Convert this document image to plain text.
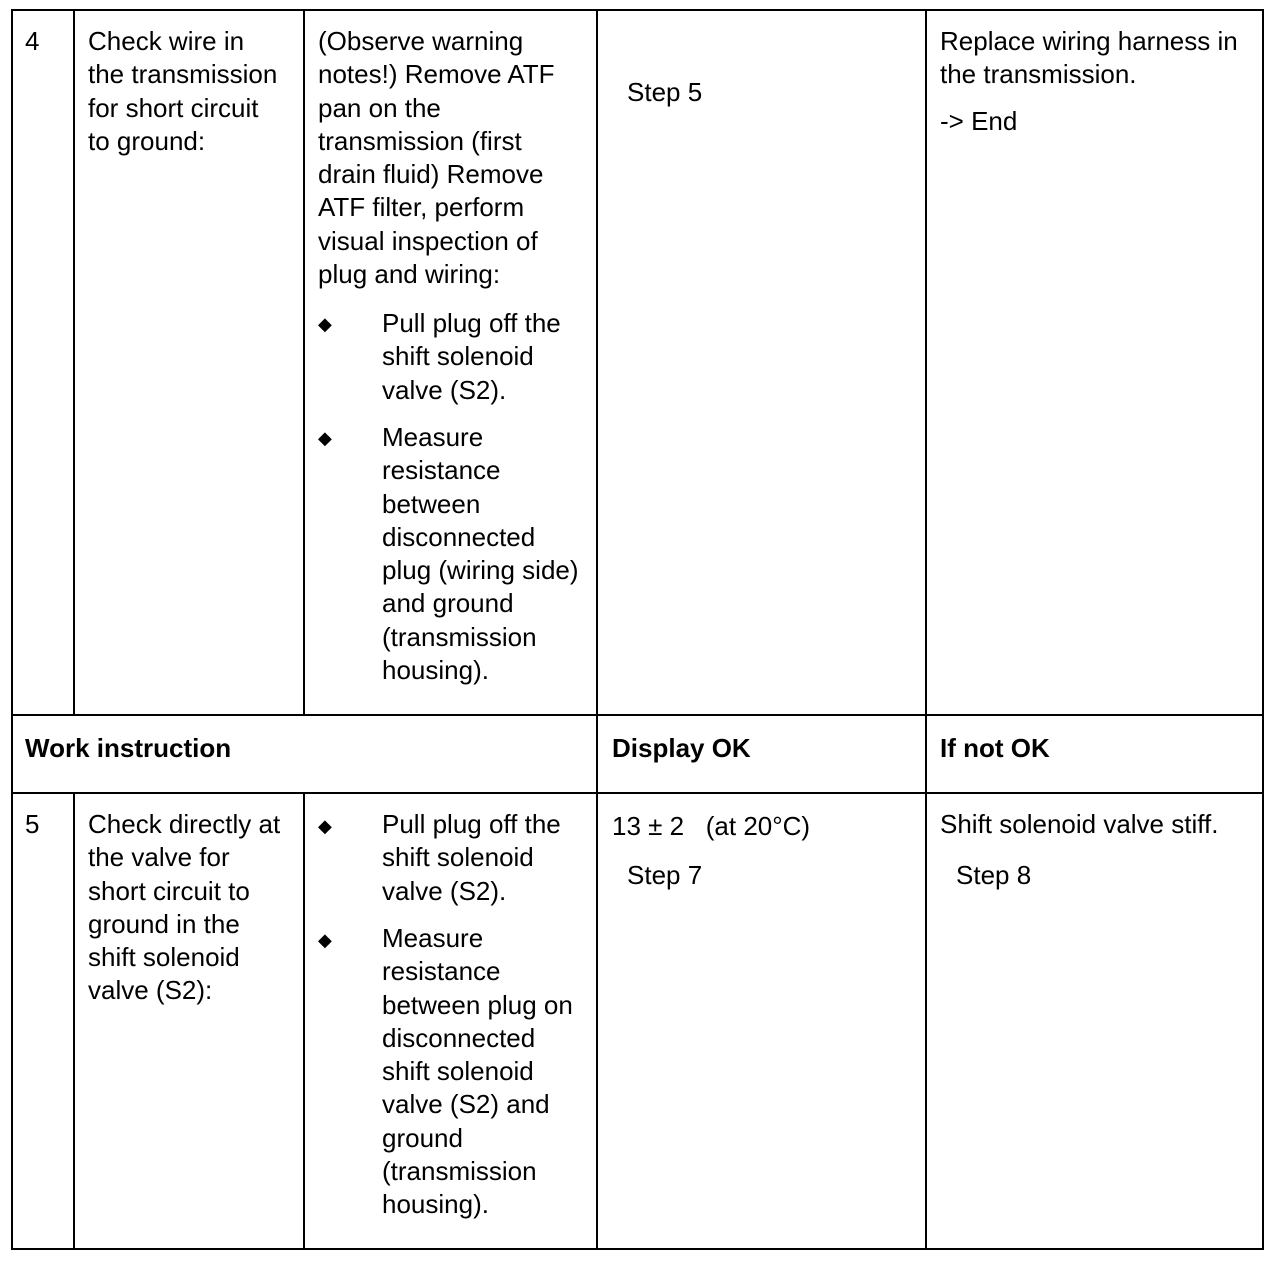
4 Check wire in
the transmission
for short circuit
to ground:
(Observe warning
notes!) Remove ATF
pan on the
transmission (first
drain fluid) Remove
ATF filter, perform
visual inspection of
plug and wiring:
◆ Pull plug off the
shift solenoid
valve (S2).
◆ Measure
resistance
between
disconnected
plug (wiring side)
and ground
(transmission
housing).
Step 5
Replace wiring harness in
the transmission.
-> End
Work instruction	Display OK	If not OK
5 Check directly at
the valve for
short circuit to
ground in the
shift solenoid
valve (S2):
◆ Pull plug off the
shift solenoid
valve (S2).
◆ Measure
resistance
between plug on
disconnected
shift solenoid
valve (S2) and
ground
(transmission
housing).
13 ± 2   (at 20°C)
Step 7
Shift solenoid valve stiff.
Step 8
